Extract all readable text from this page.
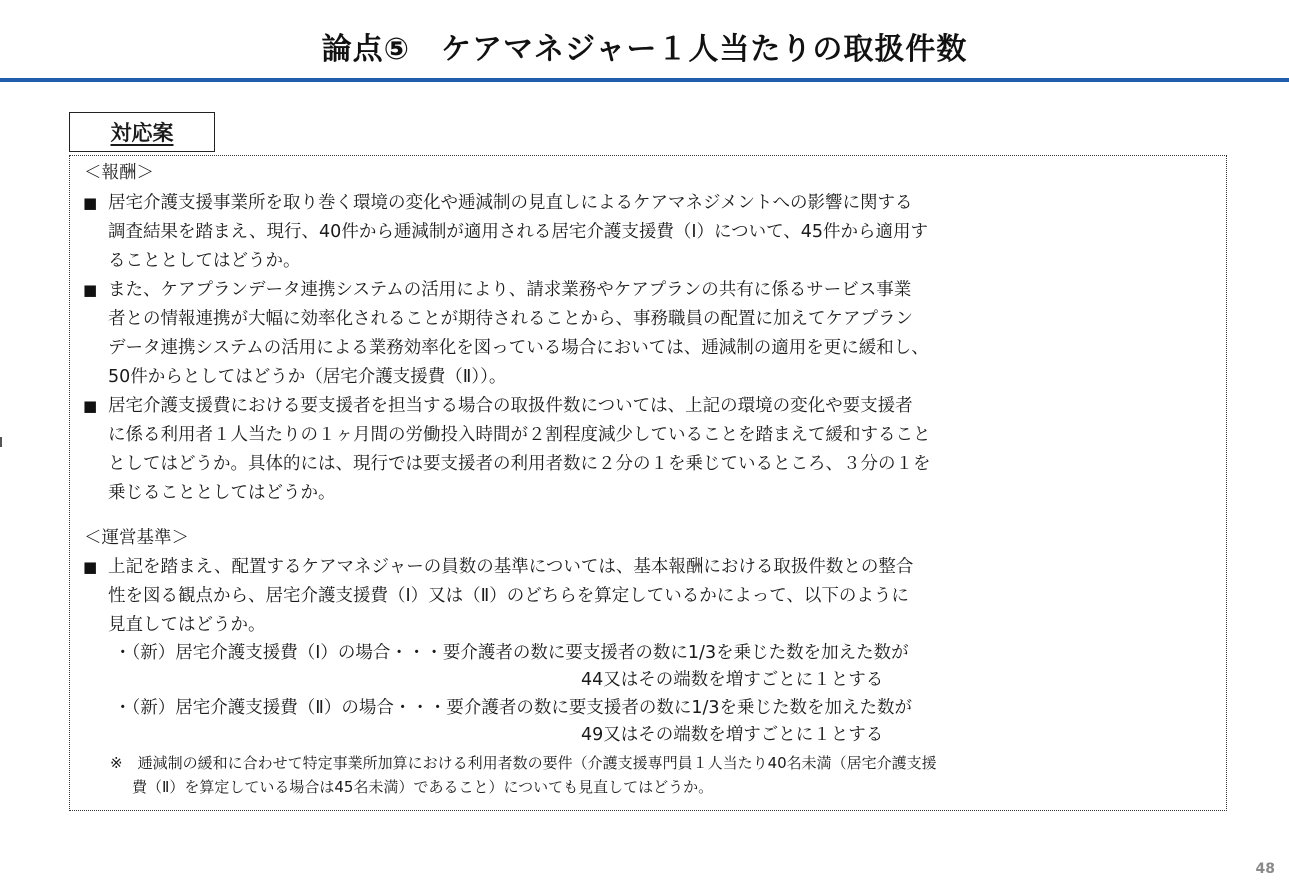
論点⑤　ケアマネジャー１人当たりの取扱件数
対応案
＜報酬＞
■ 居宅介護支援事業所を取り巻く環境の変化や逓減制の見直しによるケアマネジメントへの影響に関する
調査結果を踏まえ、現行、40件から逓減制が適用される居宅介護支援費（Ⅰ）について、45件から適用す
ることとしてはどうか。
■ また、ケアプランデータ連携システムの活用により、請求業務やケアプランの共有に係るサービス事業
者との情報連携が大幅に効率化されることが期待されることから、事務職員の配置に加えてケアプラン
データ連携システムの活用による業務効率化を図っている場合においては、逓減制の適用を更に緩和し、
50件からとしてはどうか（居宅介護支援費（Ⅱ））。
■ 居宅介護支援費における要支援者を担当する場合の取扱件数については、上記の環境の変化や要支援者
に係る利用者１人当たりの１ヶ月間の労働投入時間が２割程度減少していることを踏まえて緩和すること
としてはどうか。具体的には、現行では要支援者の利用者数に２分の１を乗じているところ、３分の１を
乗じることとしてはどうか。
＜運営基準＞
■ 上記を踏まえ、配置するケアマネジャーの員数の基準については、基本報酬における取扱件数との整合
性を図る観点から、居宅介護支援費（Ⅰ）又は（Ⅱ）のどちらを算定しているかによって、以下のように
見直してはどうか。
・（新）居宅介護支援費（Ⅰ）の場合・・・要介護者の数に要支援者の数に1/3を乗じた数を加えた数が
44又はその端数を増すごとに１とする
・（新）居宅介護支援費（Ⅱ）の場合・・・要介護者の数に要支援者の数に1/3を乗じた数を加えた数が
49又はその端数を増すごとに１とする
※　逓減制の緩和に合わせて特定事業所加算における利用者数の要件（介護支援専門員１人当たり40名未満（居宅介護支援
費（Ⅱ）を算定している場合は45名未満）であること）についても見直してはどうか。
48
